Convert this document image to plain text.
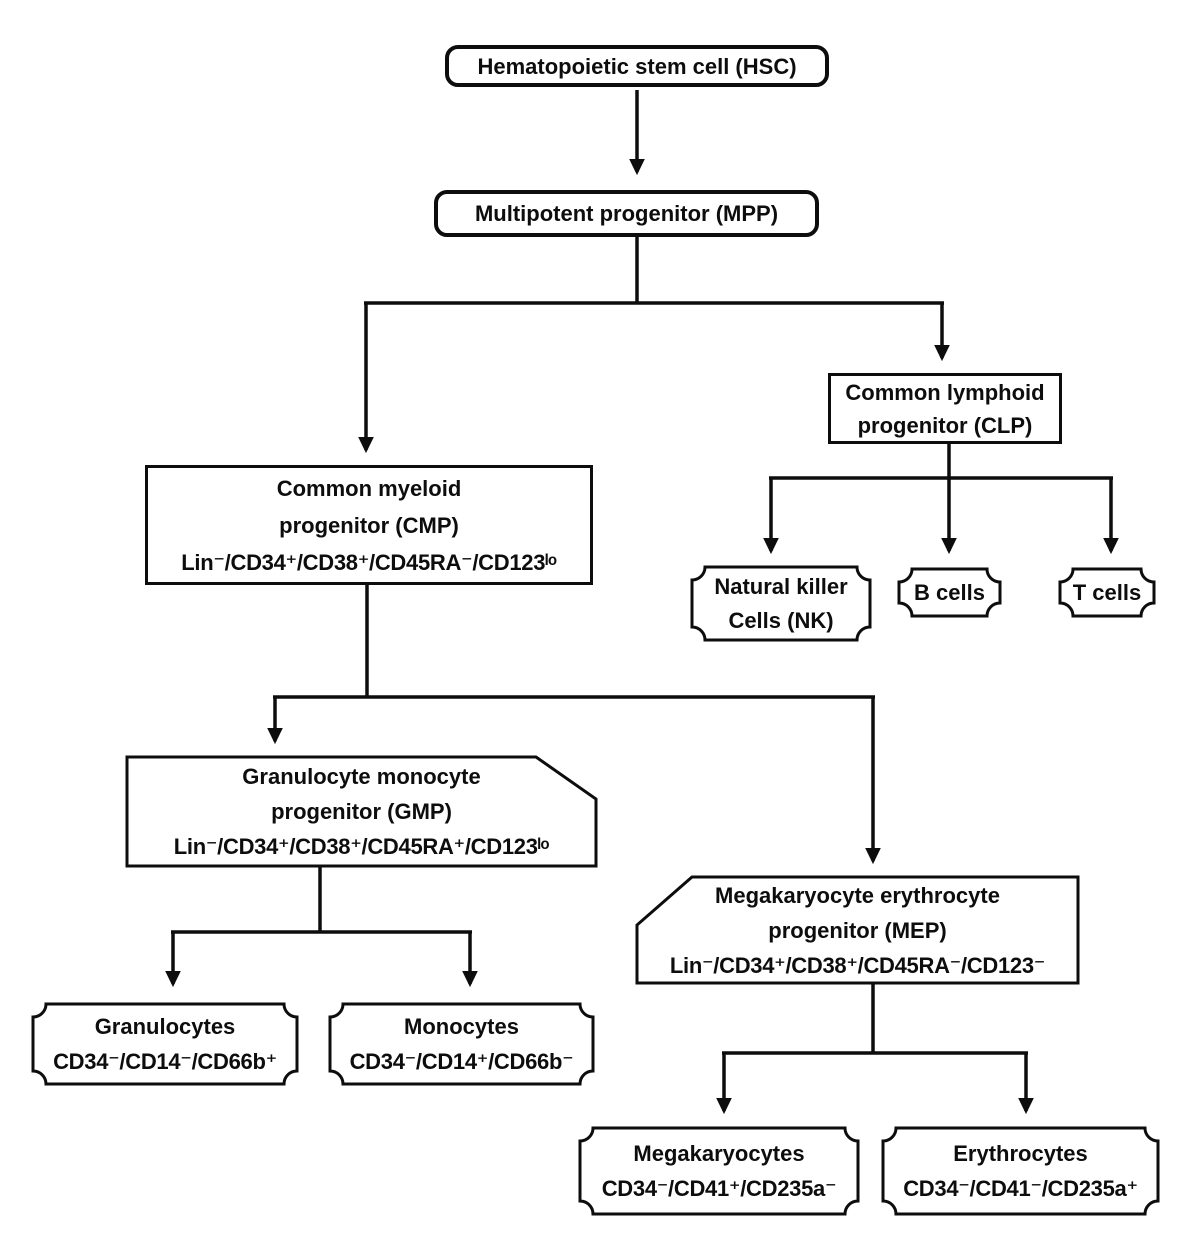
Hematopoietic stem cell (HSC)
Multipotent progenitor (MPP)
Common lymphoid
progenitor (CLP)
Common myeloid
progenitor (CMP)
Lin⁻/CD34⁺/CD38⁺/CD45RA⁻/CD123ˡᵒ
Natural killer
Cells (NK)
B cells	T cells
Granulocyte monocyte
progenitor (GMP)
Lin⁻/CD34⁺/CD38⁺/CD45RA⁺/CD123ˡᵒ
Megakaryocyte erythrocyte
progenitor (MEP)
Lin⁻/CD34⁺/CD38⁺/CD45RA⁻/CD123⁻
Granulocytes
CD34⁻/CD14⁻/CD66b⁺
Monocytes
CD34⁻/CD14⁺/CD66b⁻
Megakaryocytes
CD34⁻/CD41⁺/CD235a⁻
Erythrocytes
CD34⁻/CD41⁻/CD235a⁺
